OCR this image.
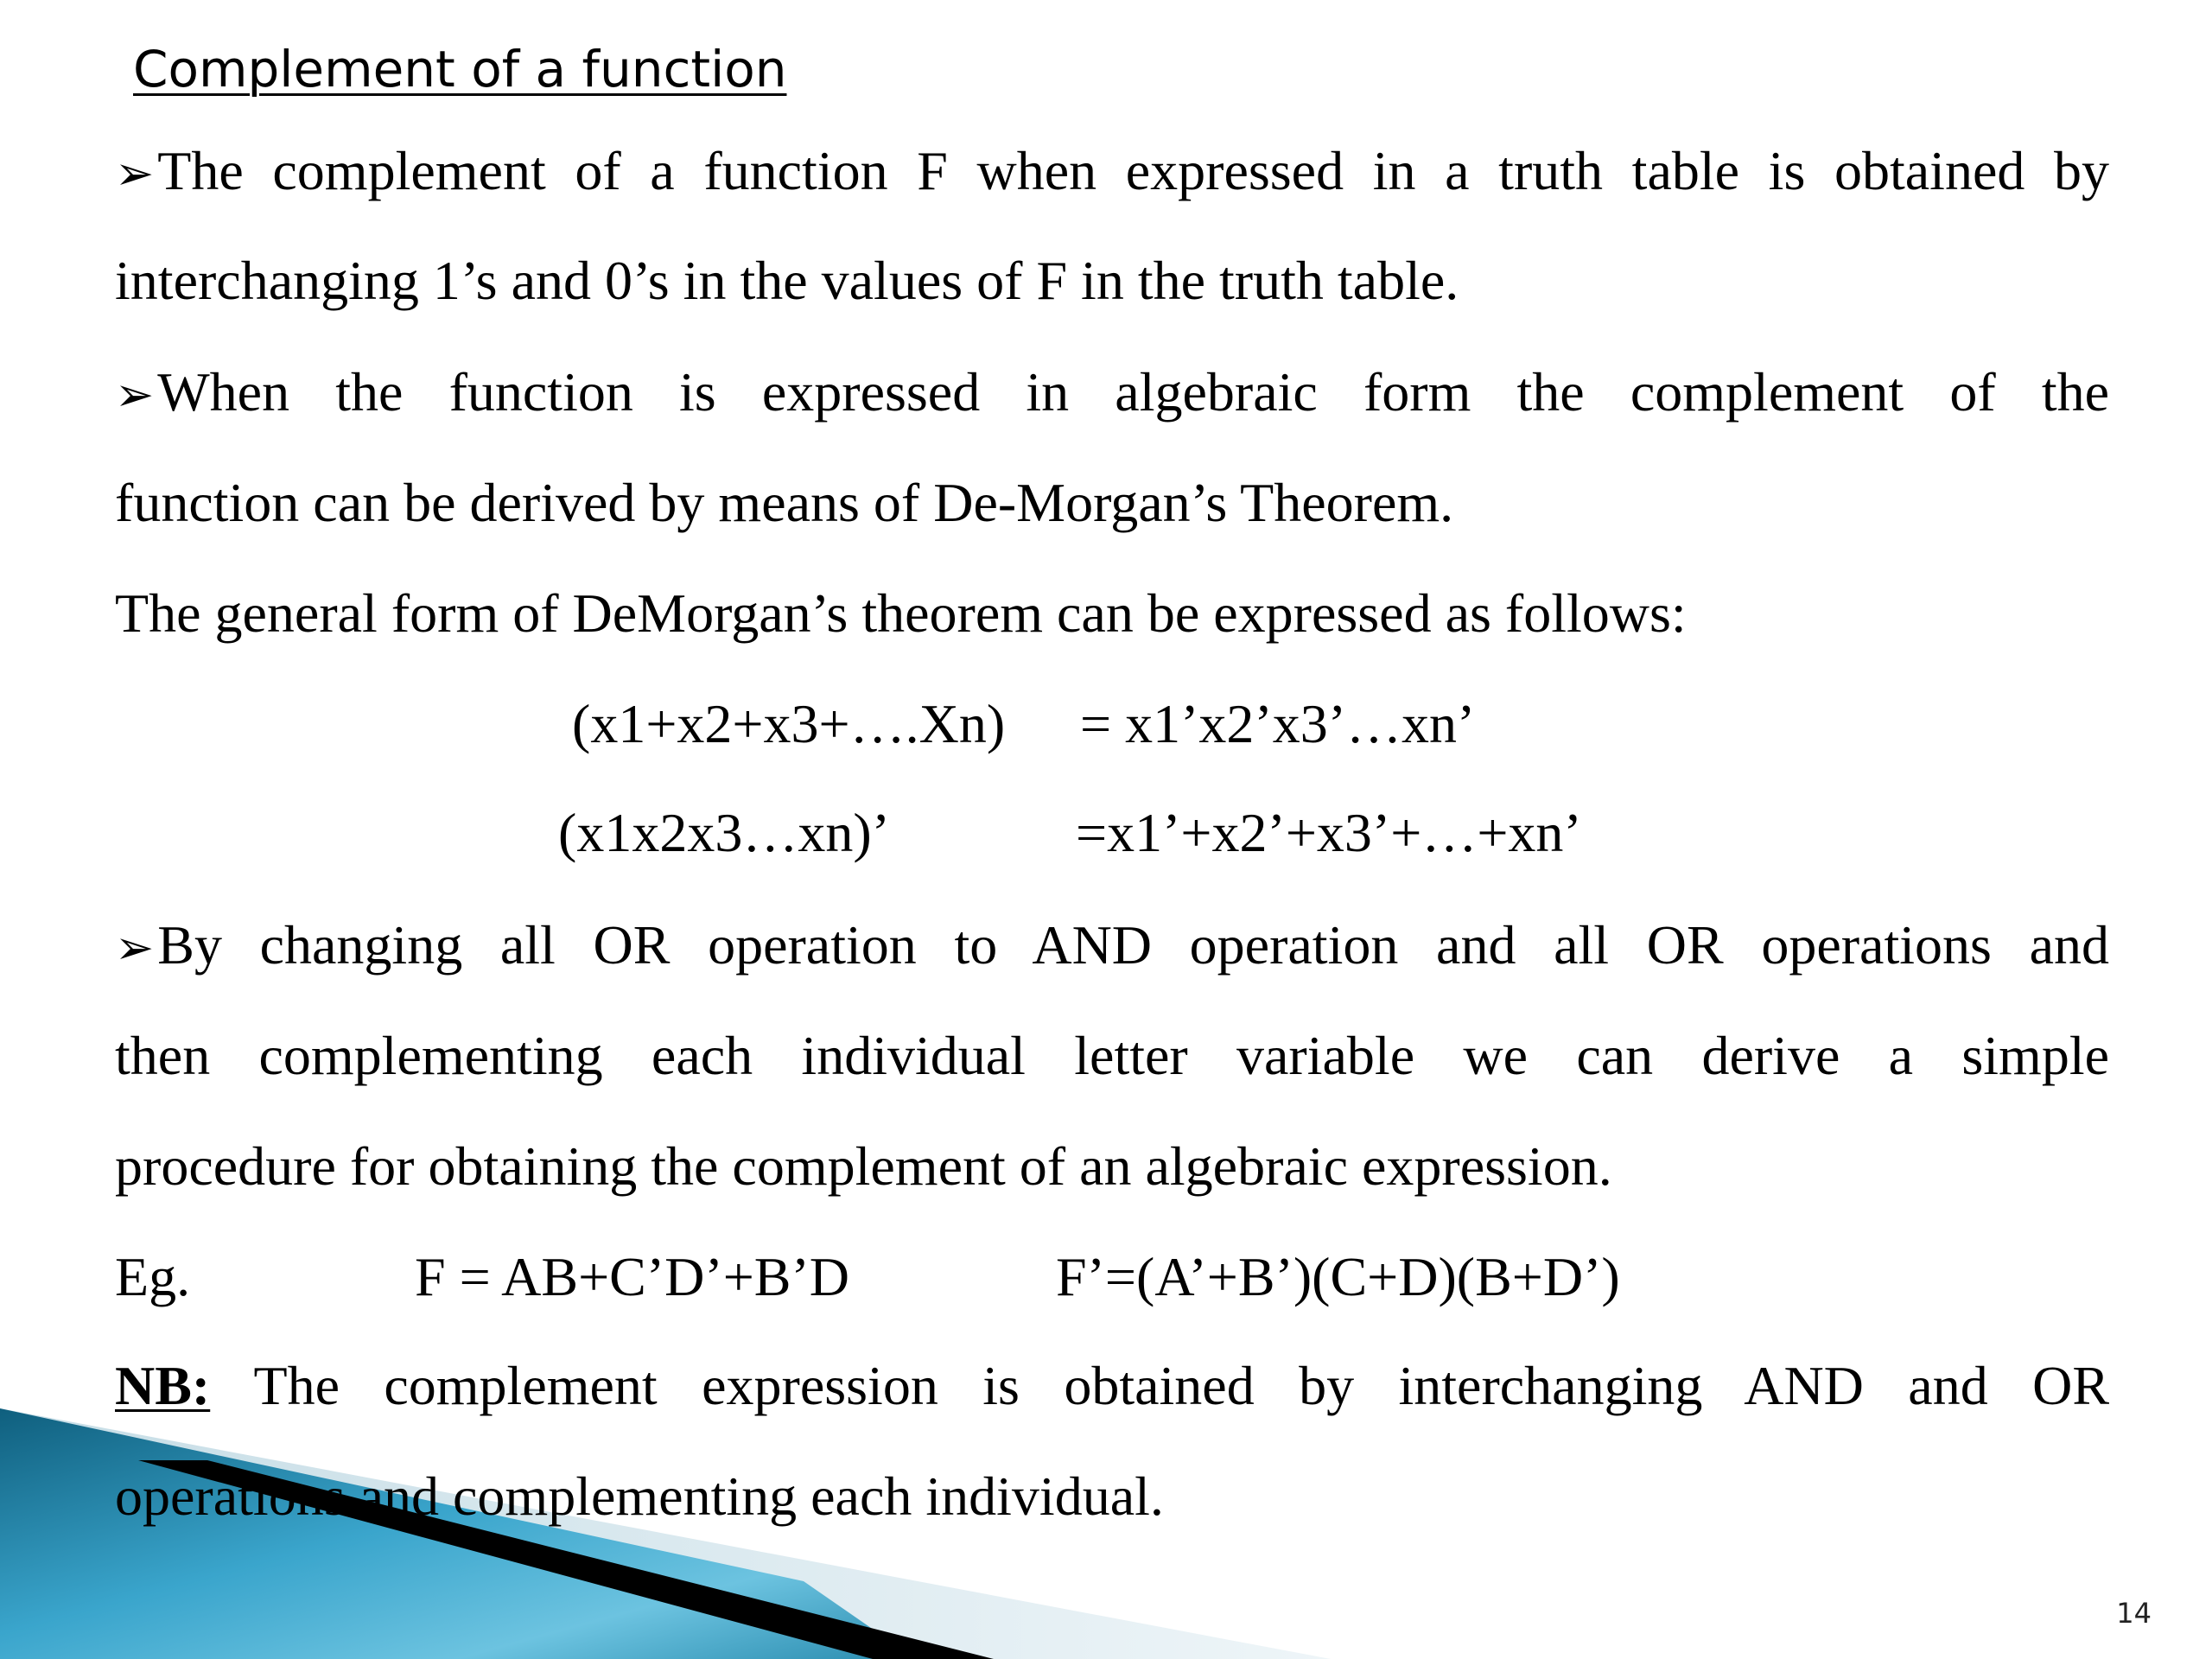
Complement of a function
➢The complement of a function F when expressed in a truth table is obtained by
interchanging 1’s and 0’s in the values of F in the truth table.
➢When the function is expressed in algebraic form the complement of the
function can be derived by means of De-Morgan’s Theorem.
The general form of DeMorgan’s theorem can be expressed as follows:
(x1+x2+x3+….Xn) = x1’x2’x3’…xn’
(x1x2x3…xn)’	=x1’+x2’+x3’+…+xn’
➢By changing all OR operation to AND operation and all OR operations and
then complementing each individual letter variable we can derive a simple
procedure for obtaining the complement of an algebraic expression.
Eg.	F = AB+C’D’+B’D	F’=(A’+B’)(C+D)(B+D’)
NB: The complement expression is obtained by interchanging AND and OR
operations and complementing each individual.
14
